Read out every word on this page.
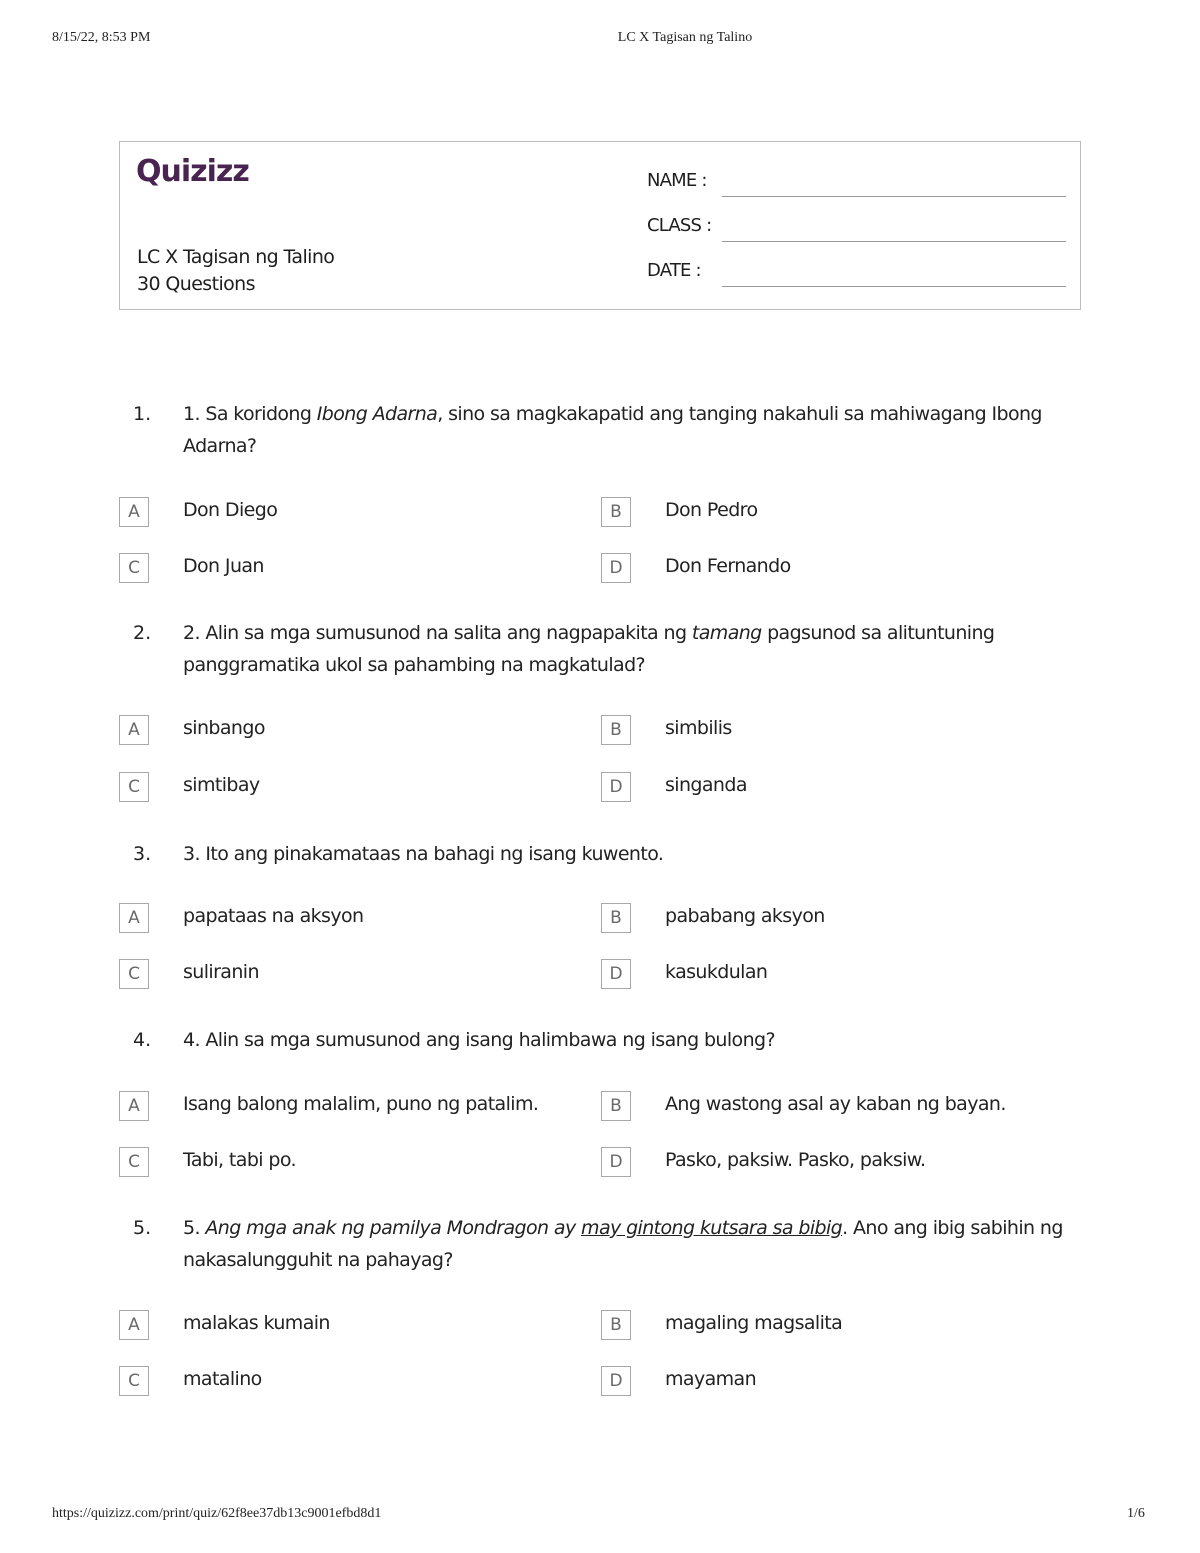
8/15/22, 8:53 PM	LC X Tagisan ng Talino
Quizizz
LC X Tagisan ng Talino
30 Questions
NAME :
CLASS :
DATE :
1. 1. Sa koridong Ibong Adarna, sino sa magkakapatid ang tanging nakahuli sa mahiwagang Ibong Adarna?
A	Don Diego	B	Don Pedro
C	Don Juan	D	Don Fernando
2. 2. Alin sa mga sumusunod na salita ang nagpapakita ng tamang pagsunod sa alituntuning panggramatika ukol sa pahambing na magkatulad?
A	sinbango	B	simbilis
C	simtibay	D	singanda
3. 3. Ito ang pinakamataas na bahagi ng isang kuwento.
A	papataas na aksyon	B	pababang aksyon
C	suliranin	D	kasukdulan
4. 4. Alin sa mga sumusunod ang isang halimbawa ng isang bulong?
A	Isang balong malalim, puno ng patalim.	B	Ang wastong asal ay kaban ng bayan.
C	Tabi, tabi po.	D	Pasko, paksiw. Pasko, paksiw.
5. 5. Ang mga anak ng pamilya Mondragon ay may gintong kutsara sa bibig. Ano ang ibig sabihin ng nakasalungguhit na pahayag?
A	malakas kumain	B	magaling magsalita
C	matalino	D	mayaman
https://quizizz.com/print/quiz/62f8ee37db13c9001efbd8d1	1/6
